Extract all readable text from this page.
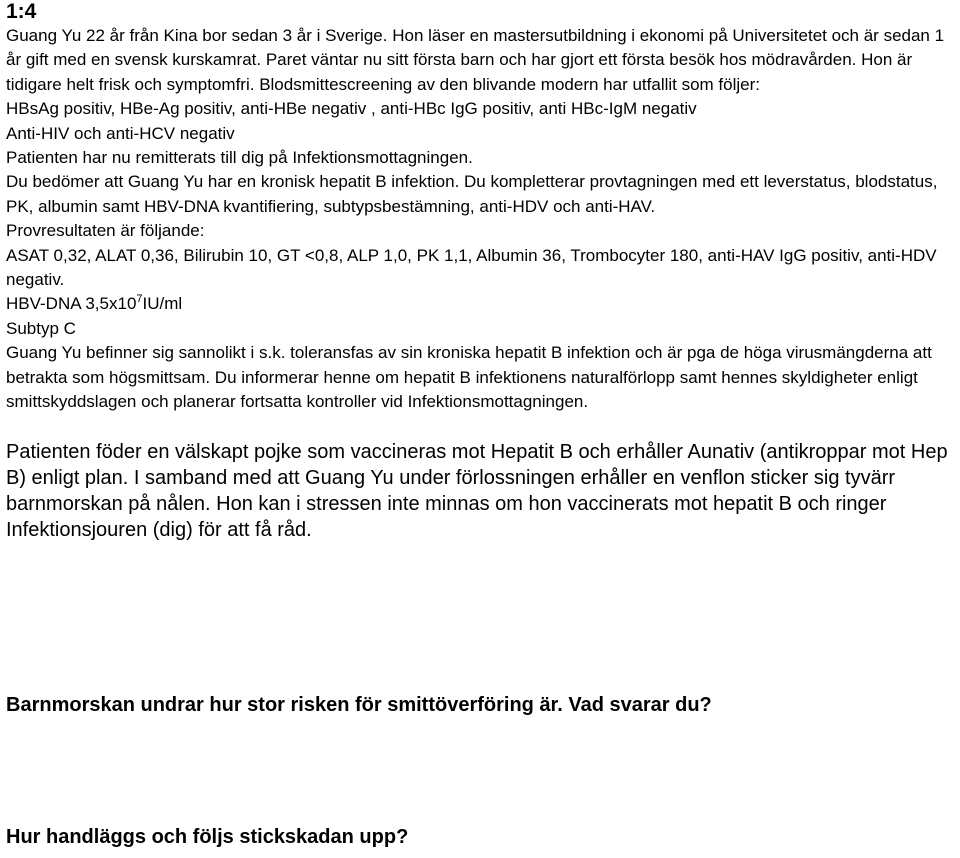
1:4

Guang Yu 22 år från Kina bor sedan 3 år i Sverige. Hon läser en mastersutbildning i ekonomi på Universitetet och är sedan 1 år gift med en svensk kurskamrat. Paret väntar nu sitt första barn och har gjort ett första besök hos mödravården. Hon är tidigare helt frisk och symptomfri. Blodsmittescreening av den blivande modern har utfallit som följer:

HBsAg positiv, HBe-Ag positiv, anti-HBe negativ , anti-HBc IgG positiv, anti HBc-IgM negativ

Anti-HIV och anti-HCV negativ

Patienten har nu remitterats till dig på Infektionsmottagningen.

Du bedömer att Guang Yu har en kronisk hepatit B infektion. Du kompletterar provtagningen med ett leverstatus, blodstatus, PK, albumin samt HBV-DNA kvantifiering, subtypsbestämning, anti-HDV och anti-HAV.

Provresultaten är följande:

ASAT 0,32, ALAT 0,36, Bilirubin 10, GT <0,8, ALP 1,0, PK 1,1, Albumin 36, Trombocyter 180, anti-HAV IgG positiv, anti-HDV negativ.

HBV-DNA $3,5x10^7IU/ml$

Subtyp C

Guang Yu befinner sig sannolikt i s.k. toleransfas av sin kroniska hepatit B infektion och är pga de höga virusmängderna att betrakta som högsmittsam. Du informerar henne om hepatit B infektionens naturalförlopp samt hennes skyldigheter enligt smittskyddslagen och planerar fortsatta kontroller vid Infektionsmottagningen.

Patienten föder en välskapt pojke som vaccineras mot Hepatit B och erhåller Aunativ (antikroppar mot Hep B) enligt plan. I samband med att Guang Yu under förlossningen erhåller en venflon sticker sig tyvärr barnmorskan på nålen. Hon kan i stressen inte minnas om hon vaccinerats mot hepatit B och ringer Infektionsjouren (dig) för att få råd.

Barnmorskan undrar hur stor risken för smittöverföring är. Vad svarar du?

Hur handläggs och följs stickskadan upp?
